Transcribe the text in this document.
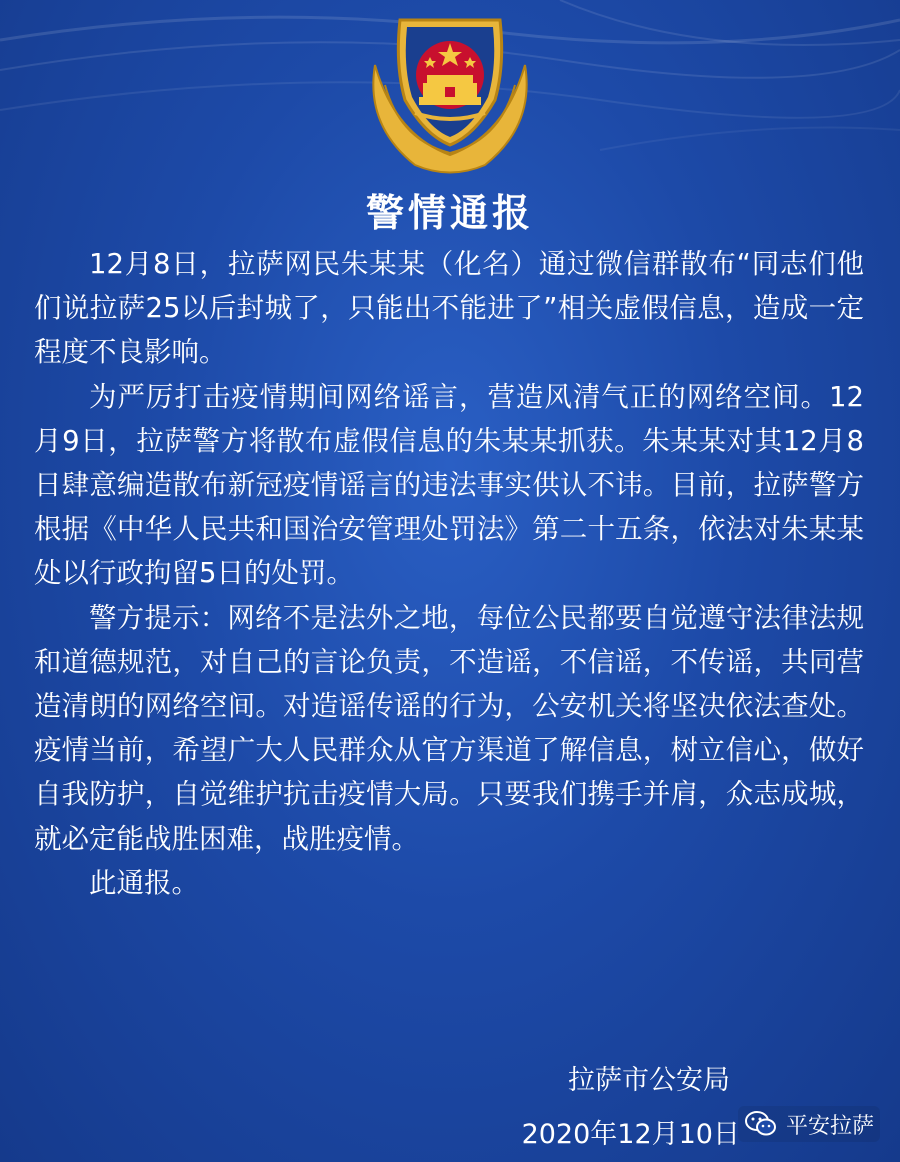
警情通报

12月8日，拉萨网民朱某某（化名）通过微信群散布“同志们他们说拉萨25以后封城了，只能出不能进了”相关虚假信息，造成一定程度不良影响。

为严厉打击疫情期间网络谣言，营造风清气正的网络空间。12月9日，拉萨警方将散布虚假信息的朱某某抓获。朱某某对其12月8日肆意编造散布新冠疫情谣言的违法事实供认不讳。目前，拉萨警方根据《中华人民共和国治安管理处罚法》第二十五条，依法对朱某某处以行政拘留5日的处罚。

警方提示：网络不是法外之地，每位公民都要自觉遵守法律法规和道德规范，对自己的言论负责，不造谣，不信谣，不传谣，共同营造清朗的网络空间。对造谣传谣的行为，公安机关将坚决依法查处。疫情当前，希望广大人民群众从官方渠道了解信息，树立信心，做好自我防护，自觉维护抗击疫情大局。只要我们携手并肩，众志成城，就必定能战胜困难，战胜疫情。

此通报。

拉萨市公安局
2020年12月10日 平安拉萨
